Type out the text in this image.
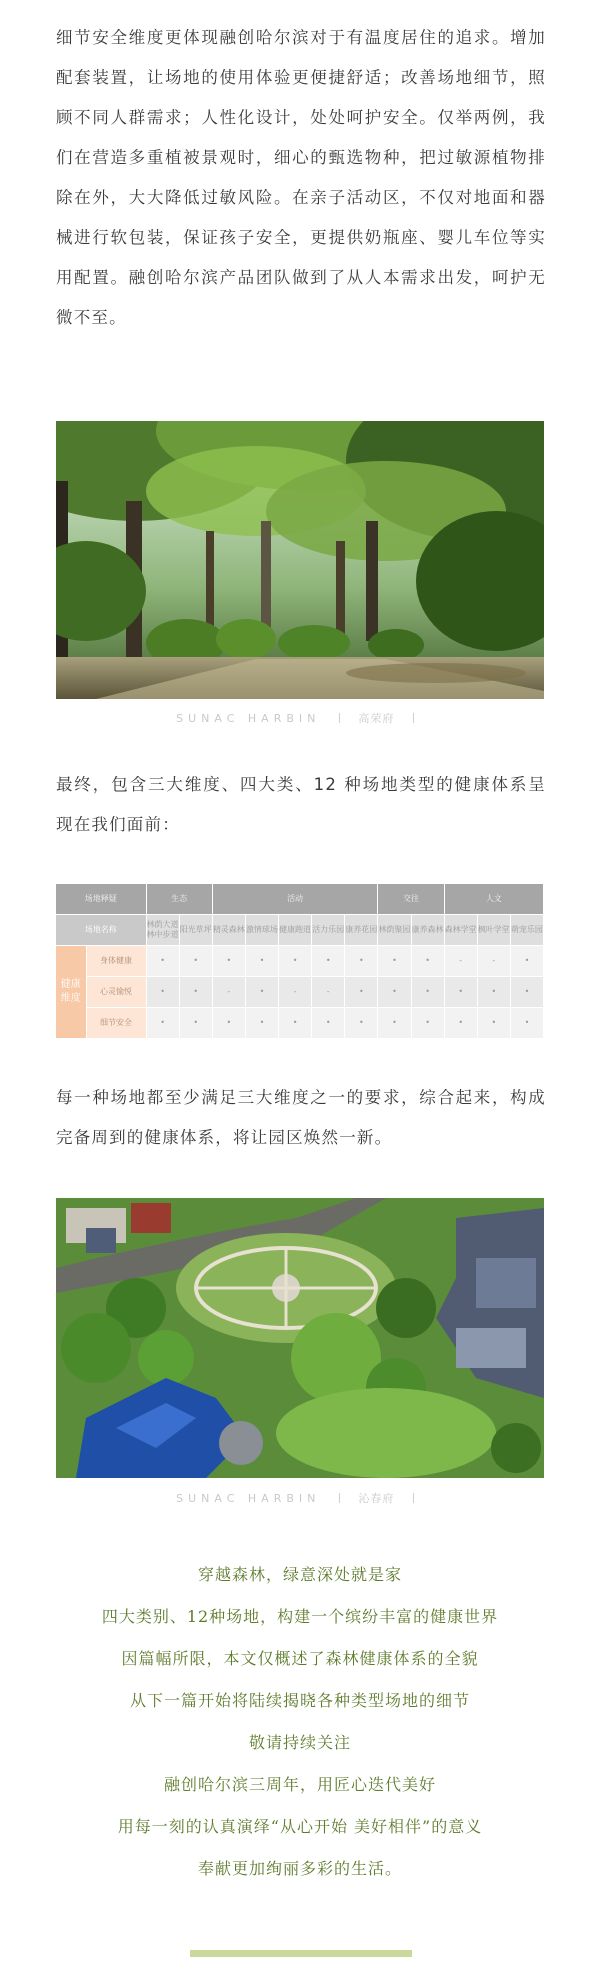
细节安全维度更体现融创哈尔滨对于有温度居住的追求。增加配套装置，让场地的使用体验更便捷舒适；改善场地细节，照顾不同人群需求；人性化设计，处处呵护安全。仅举两例，我们在营造多重植被景观时，细心的甄选物种，把过敏源植物排除在外，大大降低过敏风险。在亲子活动区，不仅对地面和器械进行软包装，保证孩子安全，更提供奶瓶座、婴儿车位等实用配置。融创哈尔滨产品团队做到了从人本需求出发，呵护无微不至。

SUNAC HARBIN	高荣府

最终，包含三大维度、四大类、12 种场地类型的健康体系呈现在我们面前：

场地释疑		生态		活动					交往		人文		
场地名称		林荫大道林中步道	阳光草坪	精灵森林	激情球场	健康跑道	活力乐园	康养花园	林荫聚园	康养森林	森林学堂	枫叶学堂	萌宠乐园
健康维度	身体健康	•	•	•	•	•	•	•	•	•	-	-	•
	心灵愉悦	•	•	-	•	-	-	•	•	•	•	•	•
	细节安全	•	•	•	•	•	•	•	•	•	•	•	•

每一种场地都至少满足三大维度之一的要求，综合起来，构成完备周到的健康体系，将让园区焕然一新。

SUNAC HARBIN	沁春府
穿越森林，绿意深处就是家
四大类别、12种场地，构建一个缤纷丰富的健康世界
因篇幅所限，本文仅概述了森林健康体系的全貌
从下一篇开始将陆续揭晓各种类型场地的细节
敬请持续关注
融创哈尔滨三周年，用匠心迭代美好
用每一刻的认真演绎“从心开始 美好相伴”的意义
奉献更加绚丽多彩的生活。
